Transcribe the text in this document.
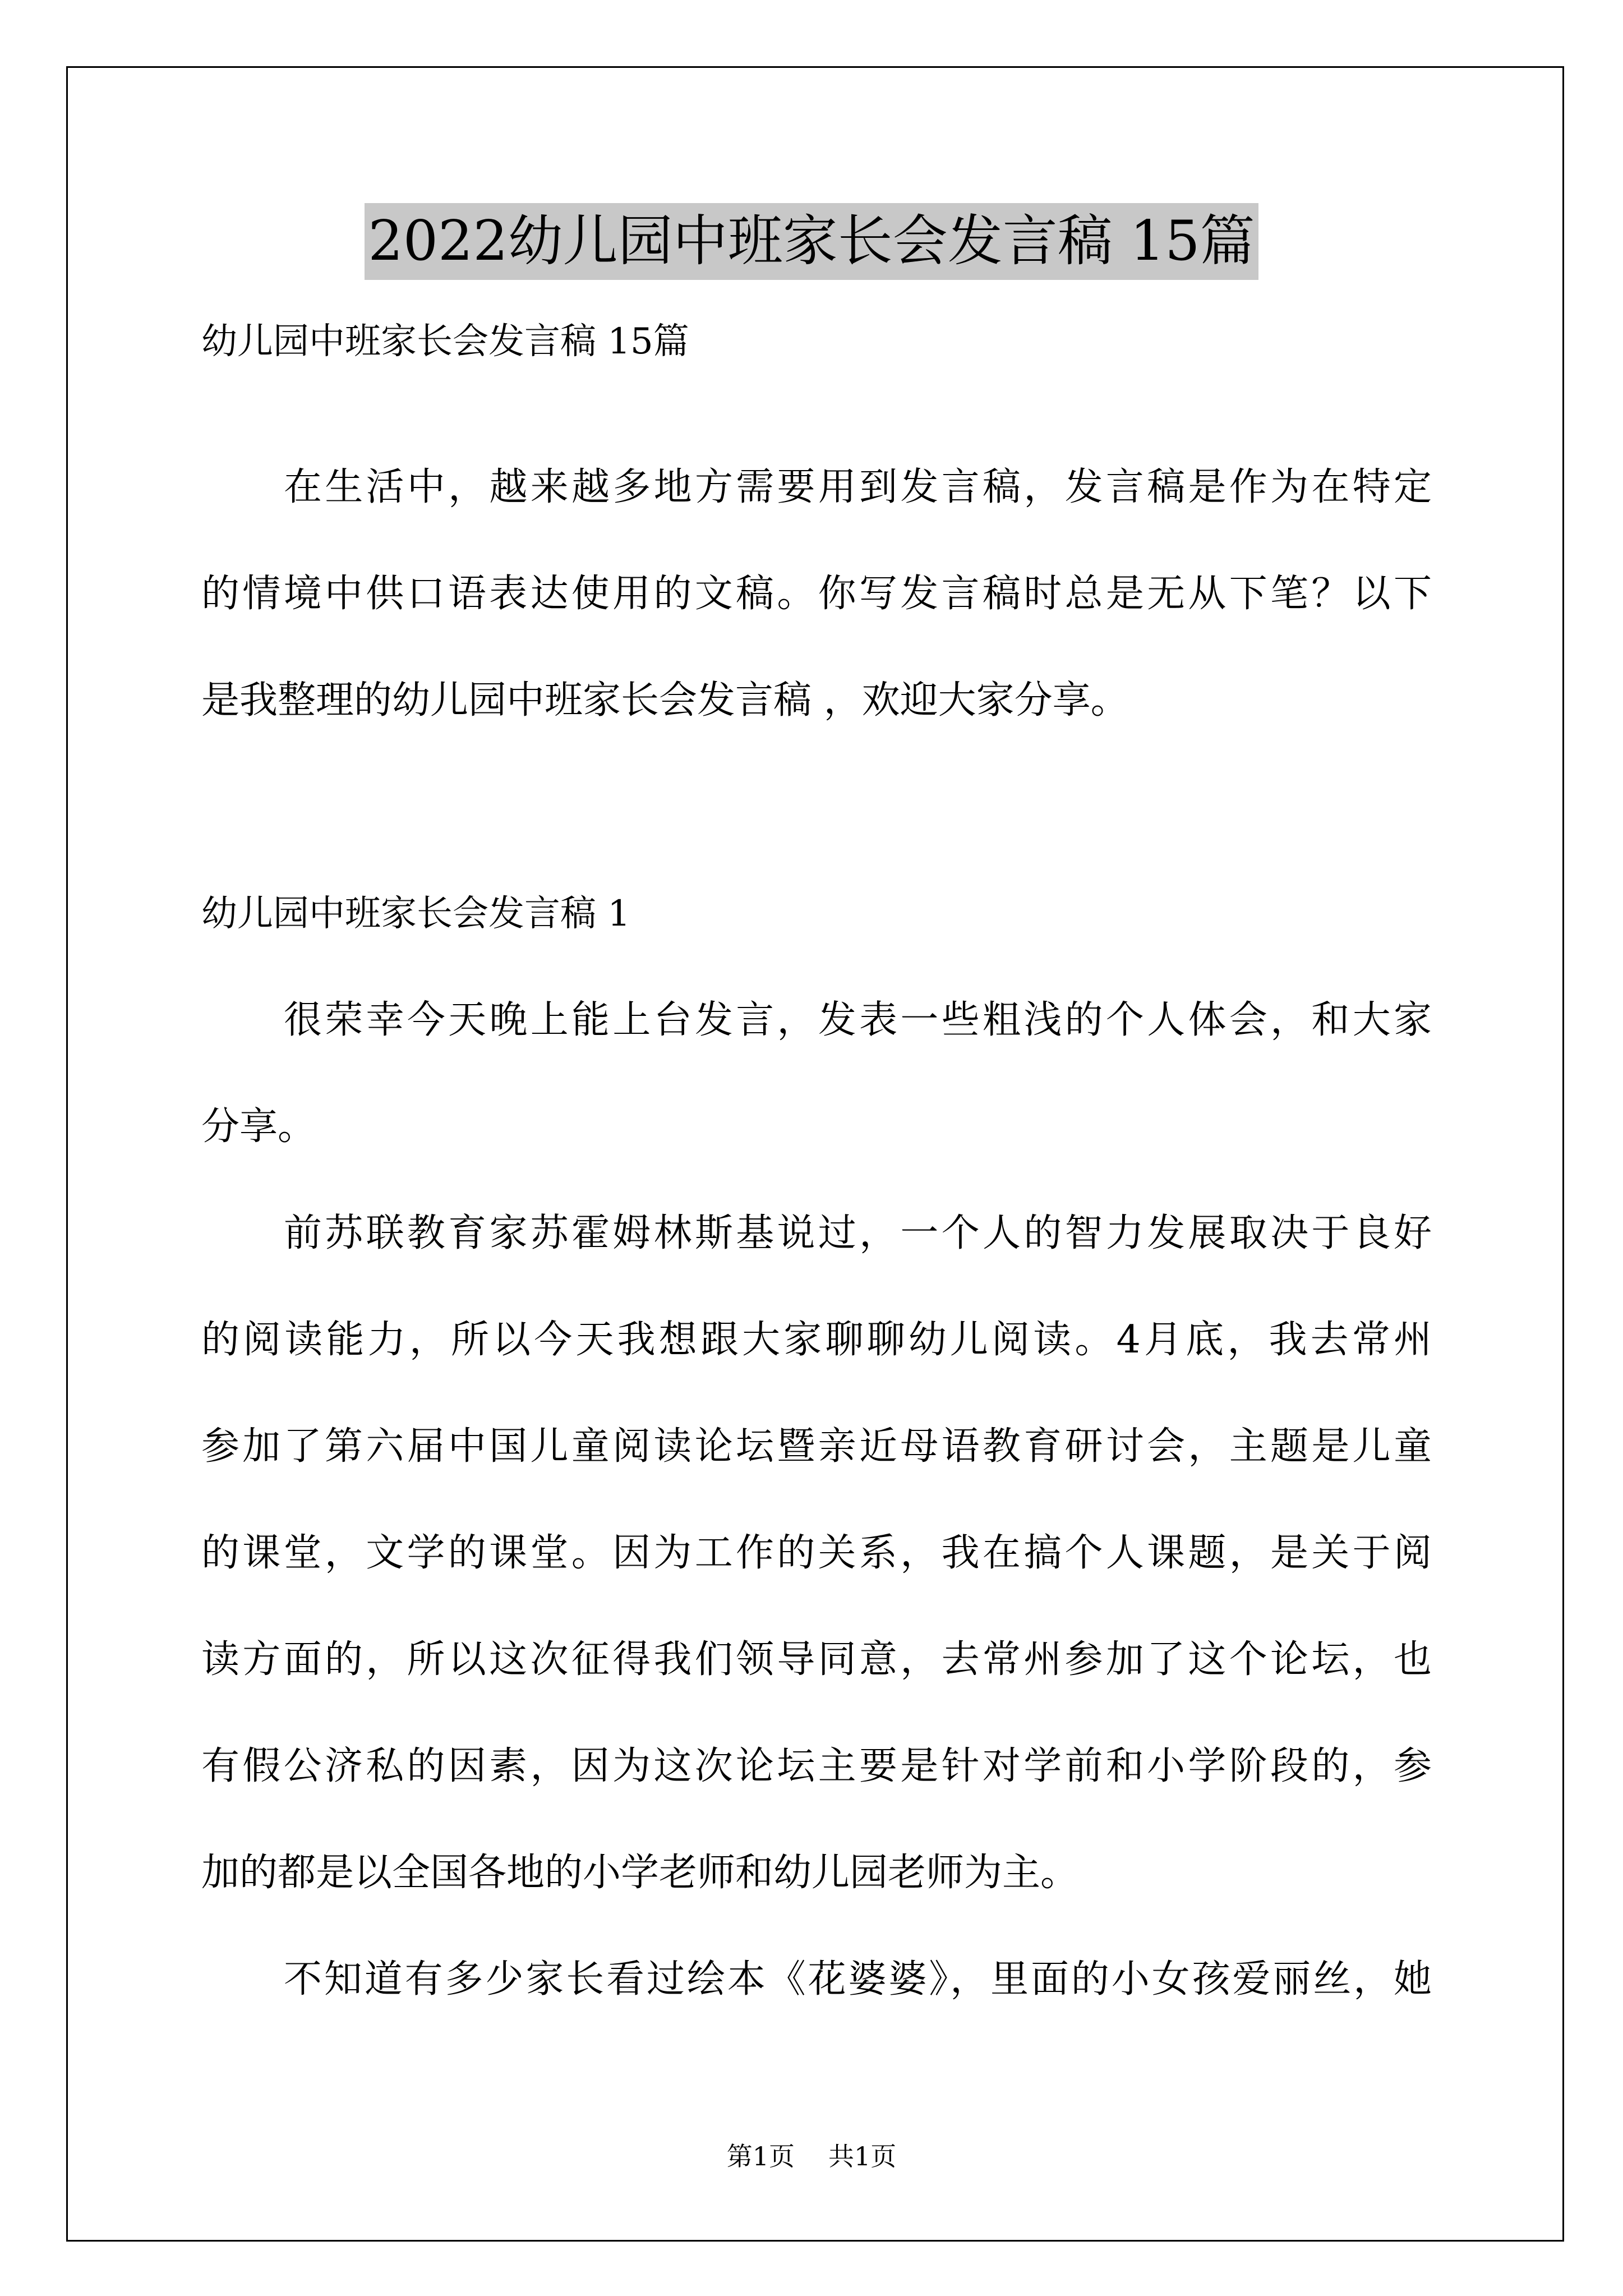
2022幼儿园中班家长会发言稿 15篇
幼儿园中班家长会发言稿 15篇
在生活中，越来越多地方需要用到发言稿，发言稿是作为在特定
的情境中供口语表达使用的文稿。你写发言稿时总是无从下笔？以下
是我整理的幼儿园中班家长会发言稿 ，欢迎大家分享。
幼儿园中班家长会发言稿 1
很荣幸今天晚上能上台发言，发表一些粗浅的个人体会，和大家
分享。
前苏联教育家苏霍姆林斯基说过，一个人的智力发展取决于良好
的阅读能力，所以今天我想跟大家聊聊幼儿阅读。4月底，我去常州
参加了第六届中国儿童阅读论坛暨亲近母语教育研讨会，主题是儿童
的课堂，文学的课堂。因为工作的关系，我在搞个人课题，是关于阅
读方面的，所以这次征得我们领导同意，去常州参加了这个论坛，也
有假公济私的因素，因为这次论坛主要是针对学前和小学阶段的，参
加的都是以全国各地的小学老师和幼儿园老师为主。
不知道有多少家长看过绘本《花婆婆》，里面的小女孩爱丽丝，她
第1页 共1页
